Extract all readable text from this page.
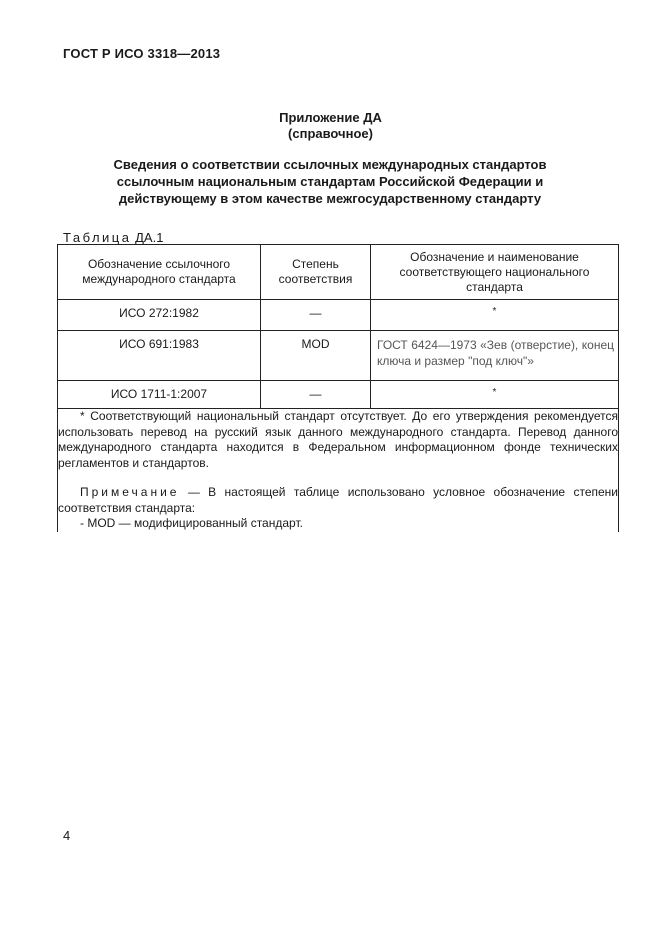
ГОСТ Р ИСО 3318—2013
Приложение ДА
(справочное)
Сведения о соответствии ссылочных международных стандартов
ссылочным национальным стандартам Российской Федерации и
действующему в этом качестве межгосударственному стандарту
Таблица ДА.1
Обозначение ссылочного международного стандарта	Степень соответствия	Обозначение и наименование соответствующего национального стандарта

ИСО 272:1982	—	*

ИСО 691:1983	MOD	ГОСТ 6424—1973 «Зев (отверстие), конец ключа и размер "под ключ"»

ИСО 1711-1:2007	—	*

* Соответствующий национальный стандарт отсутствует. До его утверждения рекомендуется использовать перевод на русский язык данного международного стандарта. Перевод данного международного стандарта находится в Федеральном информационном фонде технических регламентов и стандартов.

Примечание — В настоящей таблице использовано условное обозначение степени соответствия стандарта:

- MOD — модифицированный стандарт.		

4
